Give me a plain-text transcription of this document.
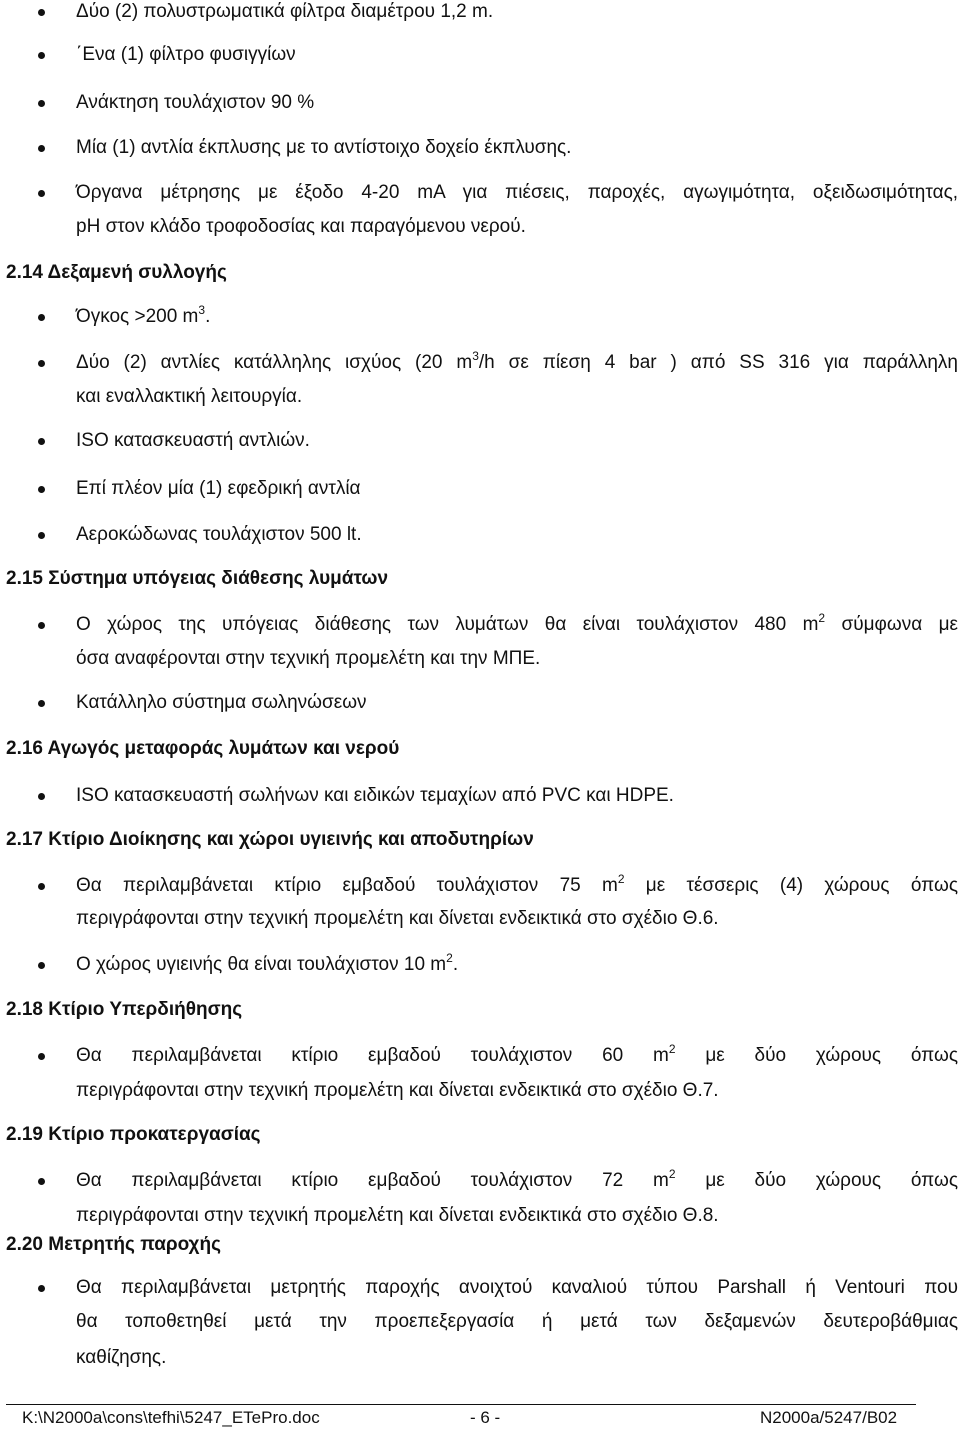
Δύο (2) πολυστρωματικά φίλτρα διαμέτρου 1,2 m.
΄Ενα (1) φίλτρο φυσιγγίων
Ανάκτηση τουλάχιστον 90 %
Μία (1) αντλία έκπλυσης με το αντίστοιχο δοχείο έκπλυσης.
Όργανα μέτρησης με έξοδο 4-20 mA για πιέσεις, παροχές, αγωγιμότητα, οξειδωσιμότητας,
pH στον κλάδο τροφοδοσίας και παραγόμενου νερού.
2.14 Δεξαμενή συλλογής
Όγκος >200 $m^3$.
Δύο (2) αντλίες κατάλληλης ισχύος (20 $m^3/h$ σε πίεση 4 bar ) από SS 316 για παράλληλη
και εναλλακτική λειτουργία.
ISO κατασκευαστή αντλιών.
Επί πλέον μία (1) εφεδρική αντλία
Αεροκώδωνας τουλάχιστον 500 lt.
2.15 Σύστημα υπόγειας διάθεσης λυμάτων
Ο χώρος της υπόγειας διάθεσης των λυμάτων θα είναι τουλάχιστον 480 $m^2$ σύμφωνα με
όσα αναφέρονται στην τεχνική προμελέτη και την ΜΠΕ.
Κατάλληλο σύστημα σωληνώσεων
2.16 Αγωγός μεταφοράς λυμάτων και νερού
ISO κατασκευαστή σωλήνων και ειδικών τεμαχίων από PVC και HDPE.
2.17 Κτίριο Διοίκησης και χώροι υγιεινής και αποδυτηρίων
Θα περιλαμβάνεται κτίριο εμβαδού τουλάχιστον 75 $m^2$ με τέσσερις (4) χώρους όπως
περιγράφονται στην τεχνική προμελέτη και δίνεται ενδεικτικά στο σχέδιο Θ.6.
Ο χώρος υγιεινής θα είναι τουλάχιστον 10 $m^2$.
2.18 Κτίριο Υπερδιήθησης
Θα περιλαμβάνεται κτίριο εμβαδού τουλάχιστον 60 $m^2$ με δύο χώρους όπως
περιγράφονται στην τεχνική προμελέτη και δίνεται ενδεικτικά στο σχέδιο Θ.7.
2.19 Κτίριο προκατεργασίας
Θα περιλαμβάνεται κτίριο εμβαδού τουλάχιστον 72 $m^2$ με δύο χώρους όπως
περιγράφονται στην τεχνική προμελέτη και δίνεται ενδεικτικά στο σχέδιο Θ.8.
2.20 Μετρητής παροχής
Θα περιλαμβάνεται μετρητής παροχής ανοιχτού καναλιού τύπου Parshall ή Ventouri που
θα τοποθετηθεί μετά την προεπεξεργασία ή μετά των δεξαμενών δευτεροβάθμιας
καθίζησης.
K:\N2000a\cons\tefhi\5247_ETePro.doc	- 6 -	N2000a/5247/B02
